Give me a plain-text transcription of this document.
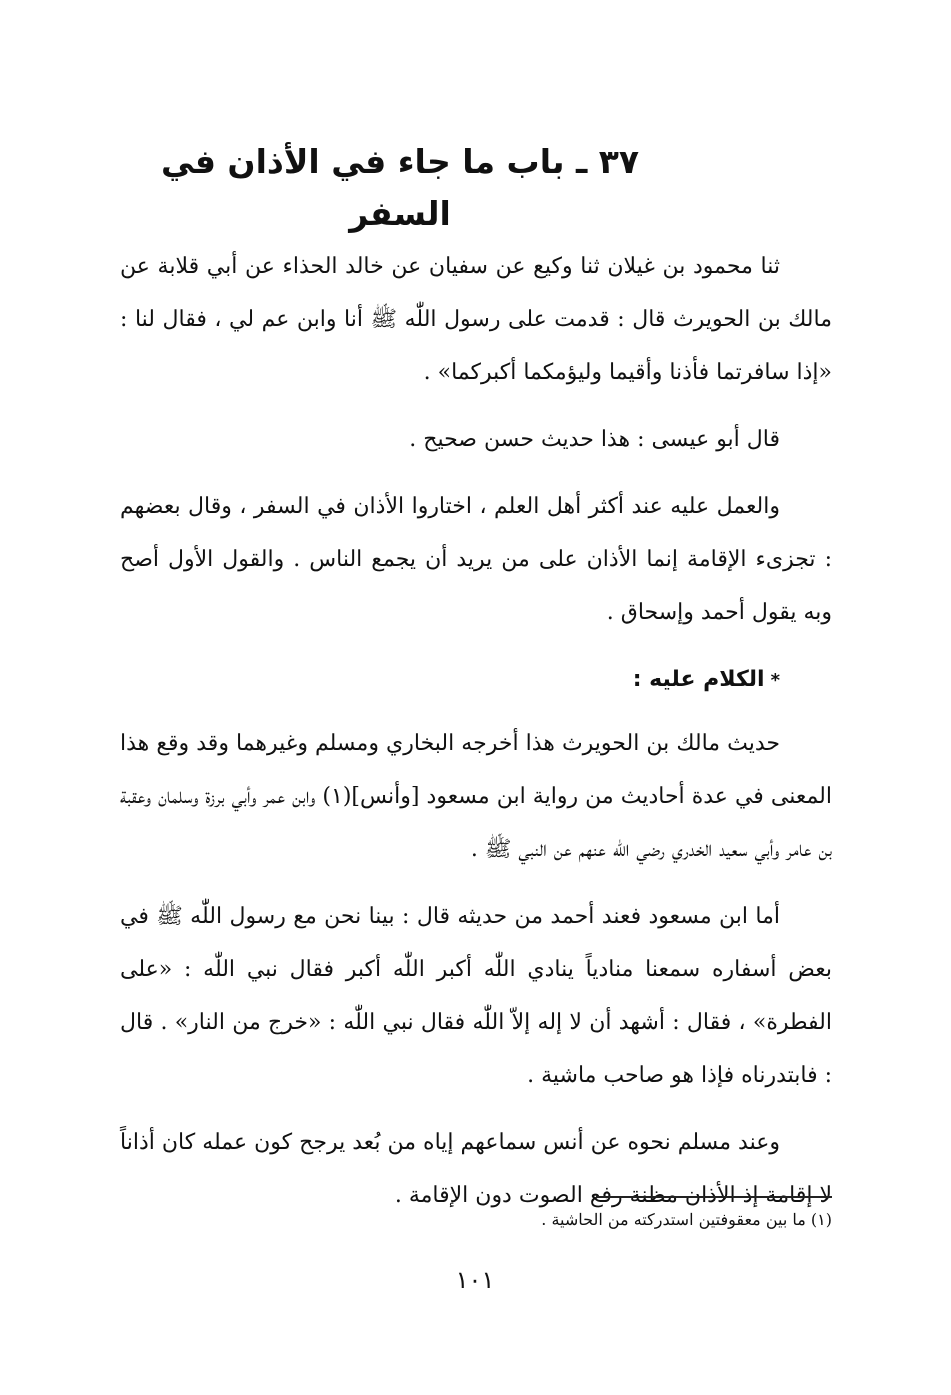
٣٧ ـ باب ما جاء في الأذان في السفر

ثنا محمود بن غيلان ثنا وكيع عن سفيان عن خالد الحذاء عن أبي قلابة عن مالك بن الحويرث قال : قدمت على رسول اللّٰه ﷺ أنا وابن عم لي ، فقال لنا : «إذا سافرتما فأذنا وأقيما وليؤمكما أكبركما» .

قال أبو عيسى : هذا حديث حسن صحيح .

والعمل عليه عند أكثر أهل العلم ، اختاروا الأذان في السفر ، وقال بعضهم : تجزىء الإقامة إنما الأذان على من يريد أن يجمع الناس . والقول الأول أصح وبه يقول أحمد وإسحاق .

*الكلام عليه :

حديث مالك بن الحويرث هذا أخرجه البخاري ومسلم وغيرهما وقد وقع هذا المعنى في عدة أحاديث من رواية ابن مسعود [وأنس](١) وابن عمر وأبي برزة وسلمان وعقبة بن عامر وأبي سعيد الخدري رضي اللّٰه عنهم عن النبي ﷺ .

أما ابن مسعود فعند أحمد من حديثه قال : بينا نحن مع رسول اللّٰه ﷺ في بعض أسفاره سمعنا منادياً ينادي اللّٰه أكبر اللّٰه أكبر فقال نبي اللّٰه : «على الفطرة» ، فقال : أشهد أن لا إله إلاّ اللّٰه فقال نبي اللّٰه : «خرج من النار» . قال : فابتدرناه فإذا هو صاحب ماشية .

وعند مسلم نحوه عن أنس سماعهم إياه من بُعد يرجح كون عمله كان أذاناً لا إقامة إذ الأذان مظنة رفع الصوت دون الإقامة .

(١) ما بين معقوفتين استدركته من الحاشية .
١٠١
